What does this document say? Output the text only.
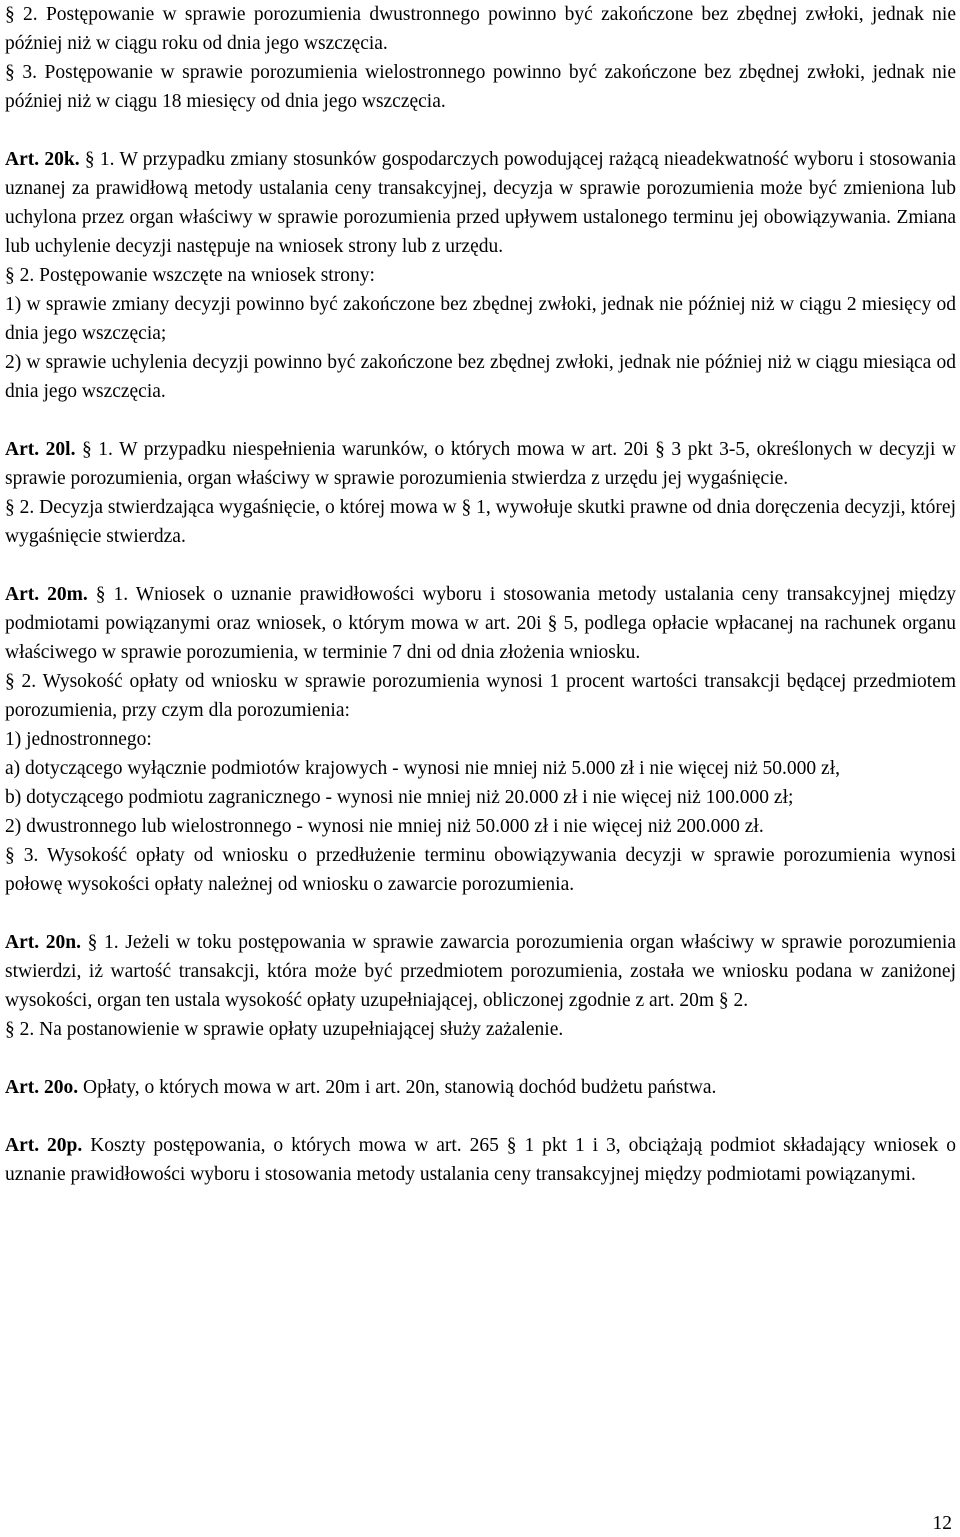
§ 2. Postępowanie w sprawie porozumienia dwustronnego powinno być zakończone bez zbędnej zwłoki, jednak nie później niż w ciągu roku od dnia jego wszczęcia.

§ 3. Postępowanie w sprawie porozumienia wielostronnego powinno być zakończone bez zbędnej zwłoki, jednak nie później niż w ciągu 18 miesięcy od dnia jego wszczęcia.

Art. 20k. § 1. W przypadku zmiany stosunków gospodarczych powodującej rażącą nieadekwatność wyboru i stosowania uznanej za prawidłową metody ustalania ceny transakcyjnej, decyzja w sprawie porozumienia może być zmieniona lub uchylona przez organ właściwy w sprawie porozumienia przed upływem ustalonego terminu jej obowiązywania. Zmiana lub uchylenie decyzji następuje na wniosek strony lub z urzędu.

§ 2. Postępowanie wszczęte na wniosek strony:

1) w sprawie zmiany decyzji powinno być zakończone bez zbędnej zwłoki, jednak nie później niż w ciągu 2 miesięcy od dnia jego wszczęcia;

2) w sprawie uchylenia decyzji powinno być zakończone bez zbędnej zwłoki, jednak nie później niż w ciągu miesiąca od dnia jego wszczęcia.

Art. 20l. § 1. W przypadku niespełnienia warunków, o których mowa w art. 20i § 3 pkt 3-5, określonych w decyzji w sprawie porozumienia, organ właściwy w sprawie porozumienia stwierdza z urzędu jej wygaśnięcie.

§ 2. Decyzja stwierdzająca wygaśnięcie, o której mowa w § 1, wywołuje skutki prawne od dnia doręczenia decyzji, której wygaśnięcie stwierdza.

Art. 20m. § 1. Wniosek o uznanie prawidłowości wyboru i stosowania metody ustalania ceny transakcyjnej między podmiotami powiązanymi oraz wniosek, o którym mowa w art. 20i § 5, podlega opłacie wpłacanej na rachunek organu właściwego w sprawie porozumienia, w terminie 7 dni od dnia złożenia wniosku.

§ 2. Wysokość opłaty od wniosku w sprawie porozumienia wynosi 1 procent wartości transakcji będącej przedmiotem porozumienia, przy czym dla porozumienia:

1) jednostronnego:

a) dotyczącego wyłącznie podmiotów krajowych - wynosi nie mniej niż 5.000 zł i nie więcej niż 50.000 zł,

b) dotyczącego podmiotu zagranicznego - wynosi nie mniej niż 20.000 zł i nie więcej niż 100.000 zł;

2) dwustronnego lub wielostronnego - wynosi nie mniej niż 50.000 zł i nie więcej niż 200.000 zł.

§ 3. Wysokość opłaty od wniosku o przedłużenie terminu obowiązywania decyzji w sprawie porozumienia wynosi połowę wysokości opłaty należnej od wniosku o zawarcie porozumienia.

Art. 20n. § 1. Jeżeli w toku postępowania w sprawie zawarcia porozumienia organ właściwy w sprawie porozumienia stwierdzi, iż wartość transakcji, która może być przedmiotem porozumienia, została we wniosku podana w zaniżonej wysokości, organ ten ustala wysokość opłaty uzupełniającej, obliczonej zgodnie z art. 20m § 2.

§ 2. Na postanowienie w sprawie opłaty uzupełniającej służy zażalenie.

Art. 20o. Opłaty, o których mowa w art. 20m i art. 20n, stanowią dochód budżetu państwa.

Art. 20p. Koszty postępowania, o których mowa w art. 265 § 1 pkt 1 i 3, obciążają podmiot składający wniosek o uznanie prawidłowości wyboru i stosowania metody ustalania ceny transakcyjnej między podmiotami powiązanymi.

12
